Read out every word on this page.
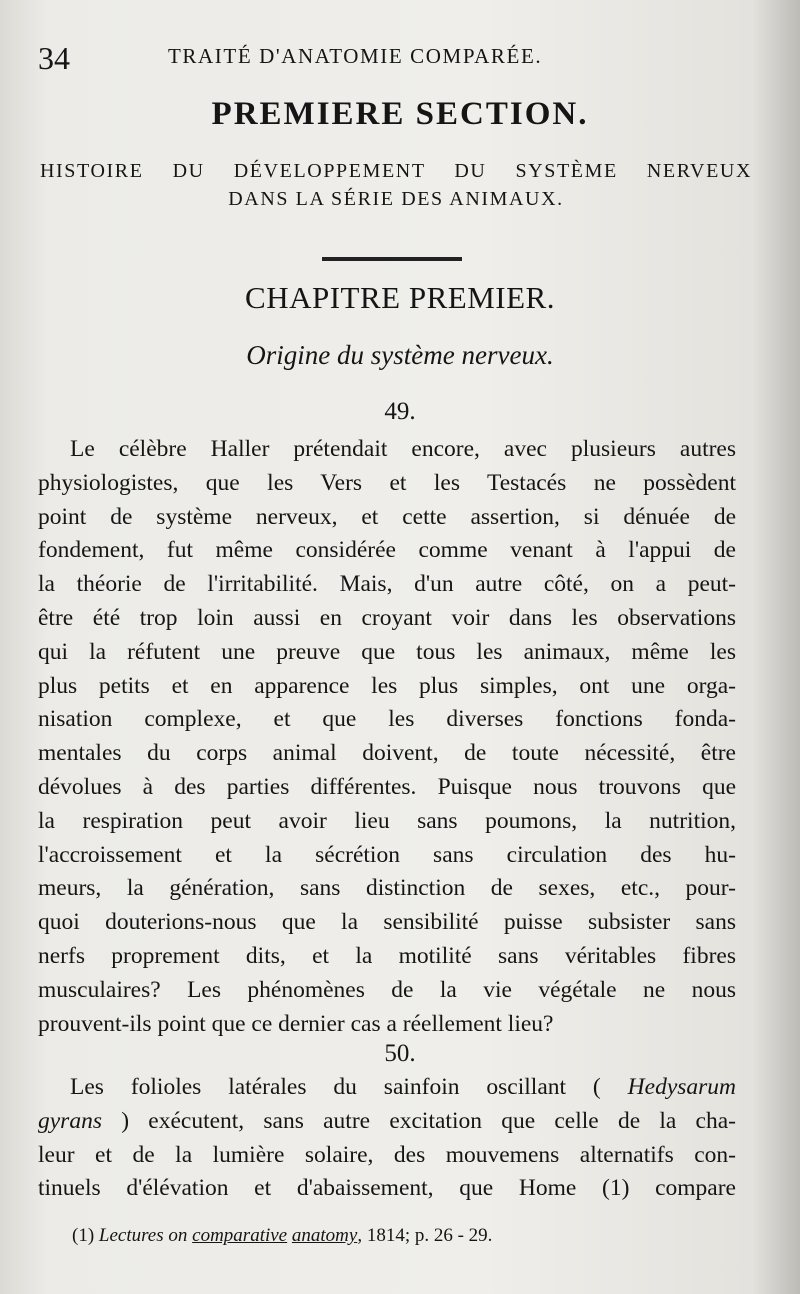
34	TRAITÉ D'ANATOMIE COMPARÉE.
PREMIERE SECTION.
HISTOIRE DU DÉVELOPPEMENT DU SYSTÈME NERVEUX
DANS LA SÉRIE DES ANIMAUX.
CHAPITRE PREMIER.
Origine du système nerveux.
49.
Le célèbre Haller prétendait encore, avec plusieurs autres
physiologistes, que les Vers et les Testacés ne possèdent
point de système nerveux, et cette assertion, si dénuée de
fondement, fut même considérée comme venant à l'appui de
la théorie de l'irritabilité. Mais, d'un autre côté, on a peut-
être été trop loin aussi en croyant voir dans les observations
qui la réfutent une preuve que tous les animaux, même les
plus petits et en apparence les plus simples, ont une orga-
nisation complexe, et que les diverses fonctions fonda-
mentales du corps animal doivent, de toute nécessité, être
dévolues à des parties différentes. Puisque nous trouvons que
la respiration peut avoir lieu sans poumons, la nutrition,
l'accroissement et la sécrétion sans circulation des hu-
meurs, la génération, sans distinction de sexes, etc., pour-
quoi douterions-nous que la sensibilité puisse subsister sans
nerfs proprement dits, et la motilité sans véritables fibres
musculaires? Les phénomènes de la vie végétale ne nous
prouvent-ils point que ce dernier cas a réellement lieu?
50.
Les folioles latérales du sainfoin oscillant ( Hedysarum
gyrans ) exécutent, sans autre excitation que celle de la cha-
leur et de la lumière solaire, des mouvemens alternatifs con-
tinuels d'élévation et d'abaissement, que Home (1) compare
(1) Lectures on comparative anatomy, 1814; p. 26 - 29.
